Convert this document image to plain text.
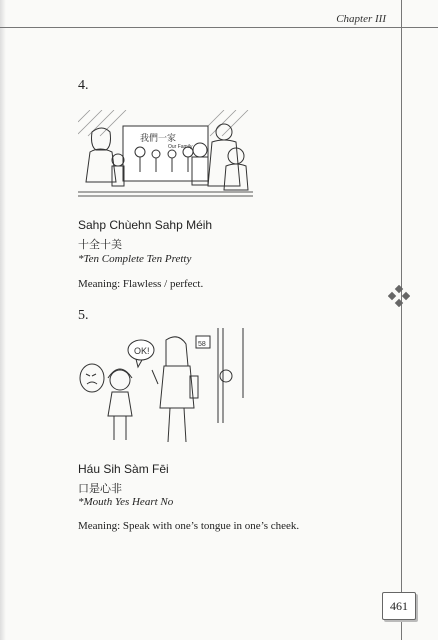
Chapter III
4.
我們一家
Our Family
Sahp Chùehn Sahp Méih
十全十美
*Ten Complete Ten Pretty
Meaning: Flawless / perfect.
5.
OK!
58
Háu Sih Sàm Fēi
口是心非
*Mouth Yes Heart No
Meaning: Speak with one’s tongue in one’s cheek.
461
